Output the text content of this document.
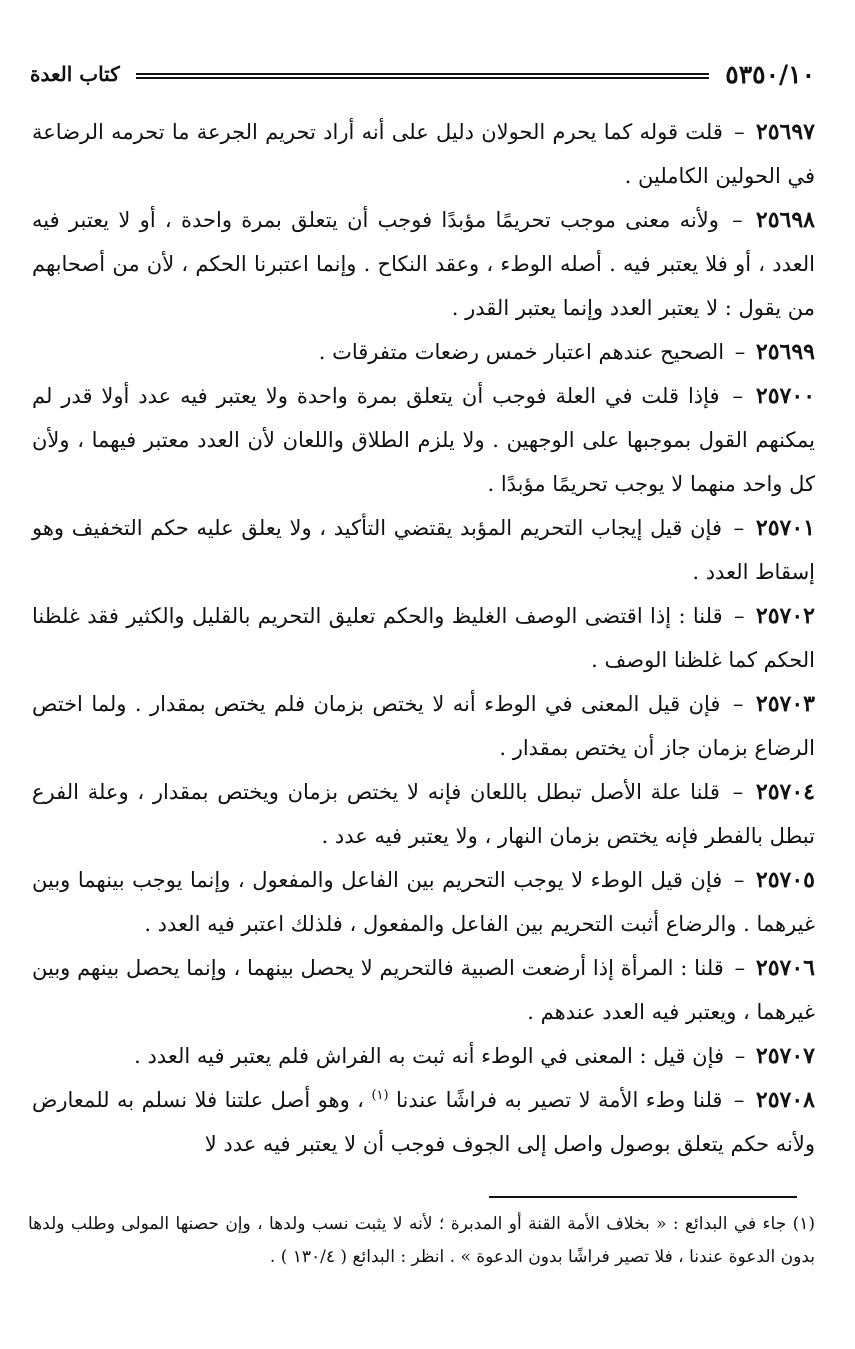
٥٣٥٠/١٠
كتاب العدة

٢٥٦٩٧ – قلت قوله كما يحرم الحولان دليل على أنه أراد تحريم الجرعة ما تحرمه الرضاعة في الحولين الكاملين .

٢٥٦٩٨ – ولأنه معنى موجب تحريمًا مؤبدًا فوجب أن يتعلق بمرة واحدة ، أو لا يعتبر فيه العدد ، أو فلا يعتبر فيه . أصله الوطء ، وعقد النكاح . وإنما اعتبرنا الحكم ، لأن من أصحابهم من يقول : لا يعتبر العدد وإنما يعتبر القدر .

٢٥٦٩٩ – الصحيح عندهم اعتبار خمس رضعات متفرقات .

٢٥٧٠٠ – فإذا قلت في العلة فوجب أن يتعلق بمرة واحدة ولا يعتبر فيه عدد أولا قدر لم يمكنهم القول بموجبها على الوجهين . ولا يلزم الطلاق واللعان لأن العدد معتبر فيهما ، ولأن كل واحد منهما لا يوجب تحريمًا مؤبدًا .

٢٥٧٠١ – فإن قيل إيجاب التحريم المؤبد يقتضي التأكيد ، ولا يعلق عليه حكم التخفيف وهو إسقاط العدد .

٢٥٧٠٢ – قلنا : إذا اقتضى الوصف الغليظ والحكم تعليق التحريم بالقليل والكثير فقد غلظنا الحكم كما غلظنا الوصف .

٢٥٧٠٣ – فإن قيل المعنى في الوطء أنه لا يختص بزمان فلم يختص بمقدار . ولما اختص الرضاع بزمان جاز أن يختص بمقدار .

٢٥٧٠٤ – قلنا علة الأصل تبطل باللعان فإنه لا يختص بزمان ويختص بمقدار ، وعلة الفرع تبطل بالفطر فإنه يختص بزمان النهار ، ولا يعتبر فيه عدد .

٢٥٧٠٥ – فإن قيل الوطء لا يوجب التحريم بين الفاعل والمفعول ، وإنما يوجب بينهما وبين غيرهما . والرضاع أثبت التحريم بين الفاعل والمفعول ، فلذلك اعتبر فيه العدد .

٢٥٧٠٦ – قلنا : المرأة إذا أرضعت الصبية فالتحريم لا يحصل بينهما ، وإنما يحصل بينهم وبين غيرهما ، ويعتبر فيه العدد عندهم .

٢٥٧٠٧ – فإن قيل : المعنى في الوطء أنه ثبت به الفراش فلم يعتبر فيه العدد .

٢٥٧٠٨ – قلنا وطء الأمة لا تصير به فراشًا عندنا $^{(١)}$ ، وهو أصل علتنا فلا نسلم به للمعارض ولأنه حكم يتعلق بوصول واصل إلى الجوف فوجب أن لا يعتبر فيه عدد لا

(١) جاء في البدائع : « بخلاف الأمة القنة أو المدبرة ؛ لأنه لا يثبت نسب ولدها ، وإن حصنها المولى وطلب ولدها بدون الدعوة عندنا ، فلا تصير فراشًا بدون الدعوة » . انظر : البدائع ( ١٣٠/٤ ) .
